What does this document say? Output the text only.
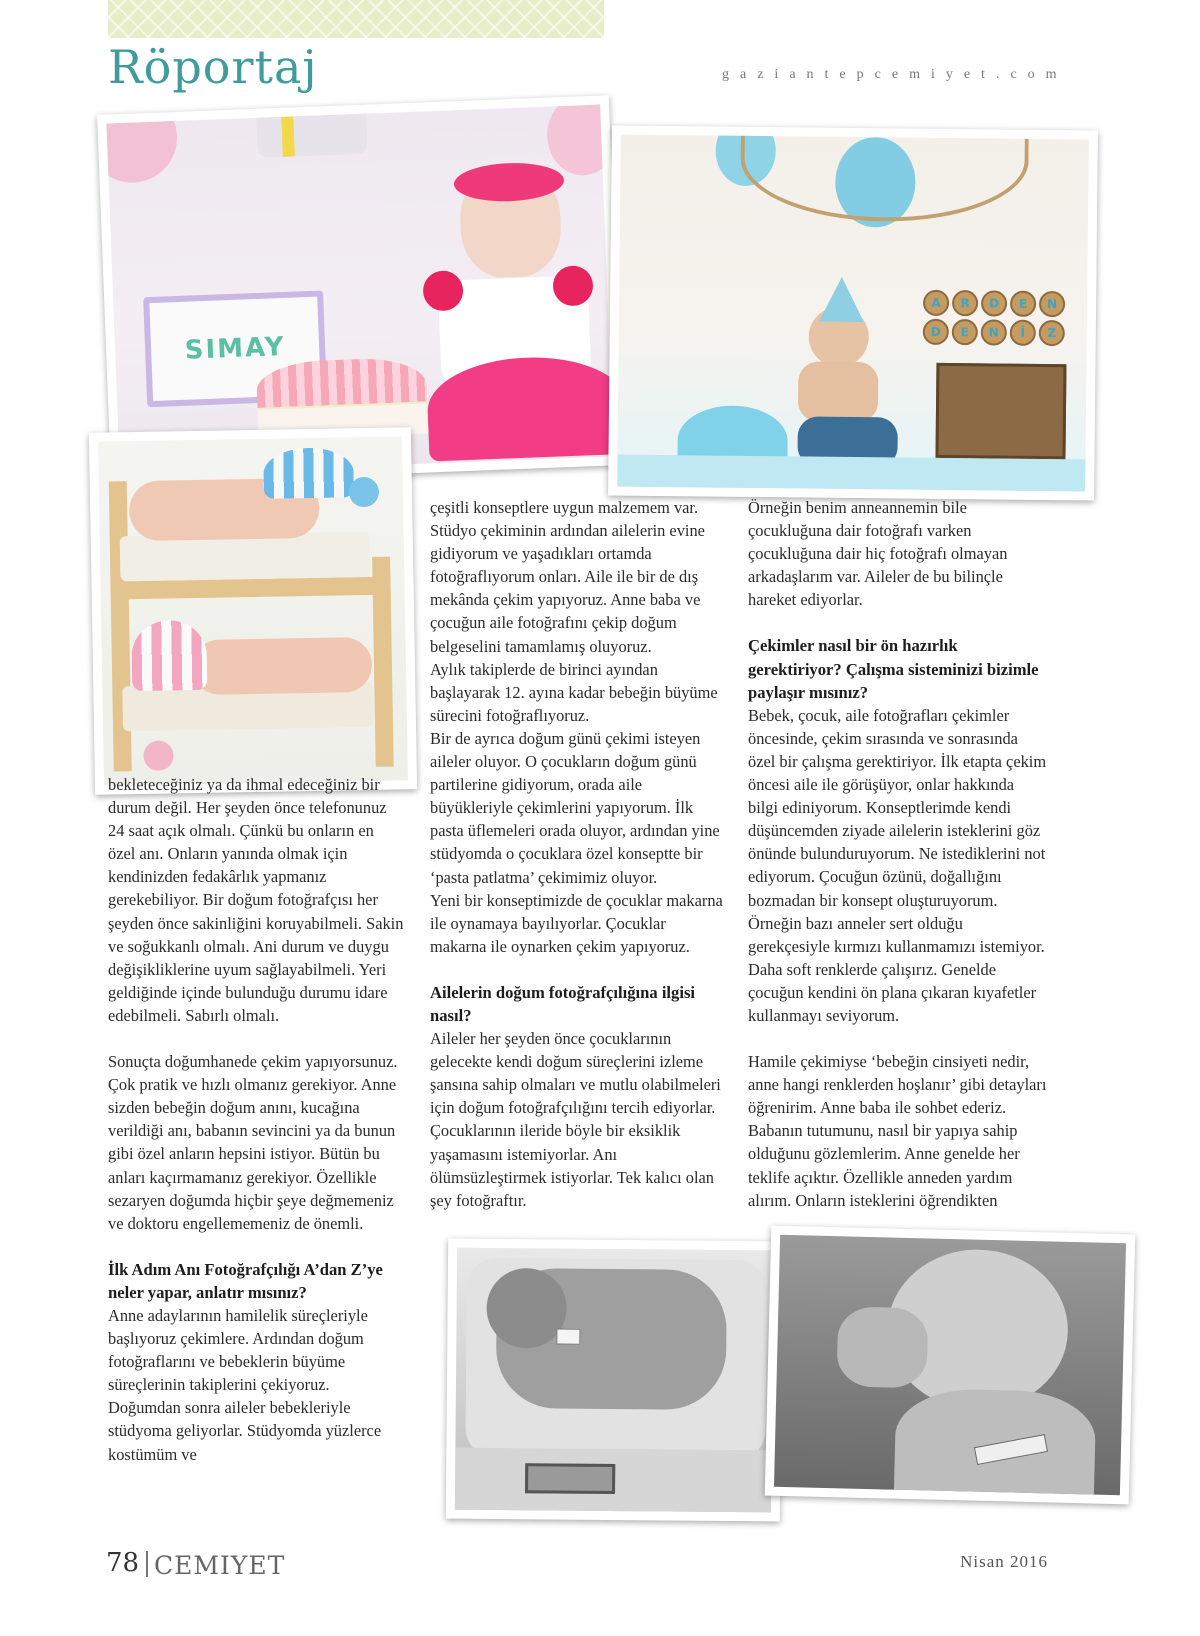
Röportaj	gaziantepcemiyet.com
SIMAY
A	R	D	E	N
D	E	N	İ	Z

bekleteceğiniz ya da ihmal edeceğiniz bir durum değil. Her şeyden önce telefonunuz 24 saat açık olmalı. Çünkü bu onların en özel anı. Onların yanında olmak için kendinizden fedakârlık yapmanız gerekebiliyor. Bir doğum fotoğrafçısı her şeyden önce sakinliğini koruyabilmeli. Sakin ve soğukkanlı olmalı. Ani durum ve duygu değişikliklerine uyum sağlayabilmeli. Yeri geldiğinde içinde bulunduğu durumu idare edebilmeli. Sabırlı olmalı.

Sonuçta doğumhanede çekim yapıyorsunuz. Çok pratik ve hızlı olmanız gerekiyor. Anne sizden bebeğin doğum anını, kucağına verildiği anı, babanın sevincini ya da bunun gibi özel anların hepsini istiyor. Bütün bu anları kaçırmamanız gerekiyor. Özellikle sezaryen doğumda hiçbir şeye değmemeniz ve doktoru engellememeniz de önemli.

İlk Adım Anı Fotoğrafçılığı A’dan Z’ye neler yapar, anlatır mısınız?

Anne adaylarının hamilelik süreçleriyle başlıyoruz çekimlere. Ardından doğum fotoğraflarını ve bebeklerin büyüme süreçlerinin takiplerini çekiyoruz. Doğumdan sonra aileler bebekleriyle stüdyoma geliyorlar. Stüdyomda yüzlerce kostümüm ve

çeşitli konseptlere uygun malzemem var. Stüdyo çekiminin ardından ailelerin evine gidiyorum ve yaşadıkları ortamda fotoğraflıyorum onları. Aile ile bir de dış mekânda çekim yapıyoruz. Anne baba ve çocuğun aile fotoğrafını çekip doğum belgeselini tamamlamış oluyoruz.

Aylık takiplerde de birinci ayından başlayarak 12. ayına kadar bebeğin büyüme sürecini fotoğraflıyoruz.

Bir de ayrıca doğum günü çekimi isteyen aileler oluyor. O çocukların doğum günü partilerine gidiyorum, orada aile büyükleriyle çekimlerini yapıyorum. İlk pasta üflemeleri orada oluyor, ardından yine stüdyomda o çocuklara özel konseptte bir ‘pasta patlatma’ çekimimiz oluyor.

Yeni bir konseptimizde de çocuklar makarna ile oynamaya bayılıyorlar. Çocuklar makarna ile oynarken çekim yapıyoruz.

Ailelerin doğum fotoğrafçılığına ilgisi nasıl?

Aileler her şeyden önce çocuklarının gelecekte kendi doğum süreçlerini izleme şansına sahip olmaları ve mutlu olabilmeleri için doğum fotoğrafçılığını tercih ediyorlar. Çocuklarının ileride böyle bir eksiklik yaşamasını istemiyorlar. Anı ölümsüzleştirmek istiyorlar. Tek kalıcı olan şey fotoğraftır.

Örneğin benim anneannemin bile çocukluğuna dair fotoğrafı varken çocukluğuna dair hiç fotoğrafı olmayan arkadaşlarım var. Aileler de bu bilinçle hareket ediyorlar.

Çekimler nasıl bir ön hazırlık gerektiriyor? Çalışma sisteminizi bizimle paylaşır mısınız?

Bebek, çocuk, aile fotoğrafları çekimler öncesinde, çekim sırasında ve sonrasında özel bir çalışma gerektiriyor. İlk etapta çekim öncesi aile ile görüşüyor, onlar hakkında bilgi ediniyorum. Konseptlerimde kendi düşüncemden ziyade ailelerin isteklerini göz önünde bulunduruyorum. Ne istediklerini not ediyorum. Çocuğun özünü, doğallığını bozmadan bir konsept oluşturuyorum. Örneğin bazı anneler sert olduğu gerekçesiyle kırmızı kullanmamızı istemiyor. Daha soft renklerde çalışırız. Genelde çocuğun kendini ön plana çıkaran kıyafetler kullanmayı seviyorum.

Hamile çekimiyse ‘bebeğin cinsiyeti nedir, anne hangi renklerden hoşlanır’ gibi detayları öğrenirim. Anne baba ile sohbet ederiz. Babanın tutumunu, nasıl bir yapıya sahip olduğunu gözlemlerim. Anne genelde her teklife açıktır. Özellikle anneden yardım alırım. Onların isteklerini öğrendikten

78 CEMIYET	Nisan 2016
